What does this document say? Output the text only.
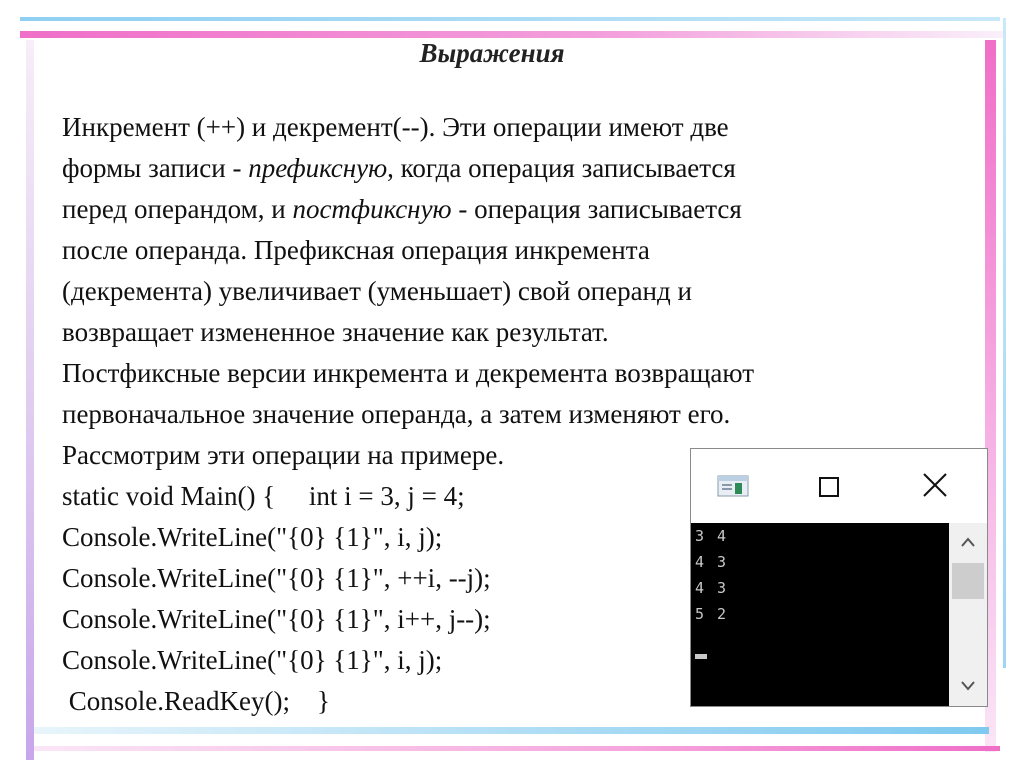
Выражения
Инкремент (++) и декремент(--). Эти операции имеют две
формы записи - префиксную, когда операция записывается
перед операндом, и постфиксную - операция записывается
после операнда. Префиксная операция инкремента
(декремента) увеличивает (уменьшает) свой операнд и
возвращает измененное значение как результат.
Постфиксные версии инкремента и декремента возвращают
первоначальное значение операнда, а затем изменяют его.
Рассмотрим эти операции на примере.
static void Main() {     int i = 3, j = 4;
Console.WriteLine("{0} {1}", i, j);
Console.WriteLine("{0} {1}", ++i, --j);
Console.WriteLine("{0} {1}", i++, j--);
Console.WriteLine("{0} {1}", i, j);
Console.ReadKey();    }
3 4
4 3
4 3
5 2
